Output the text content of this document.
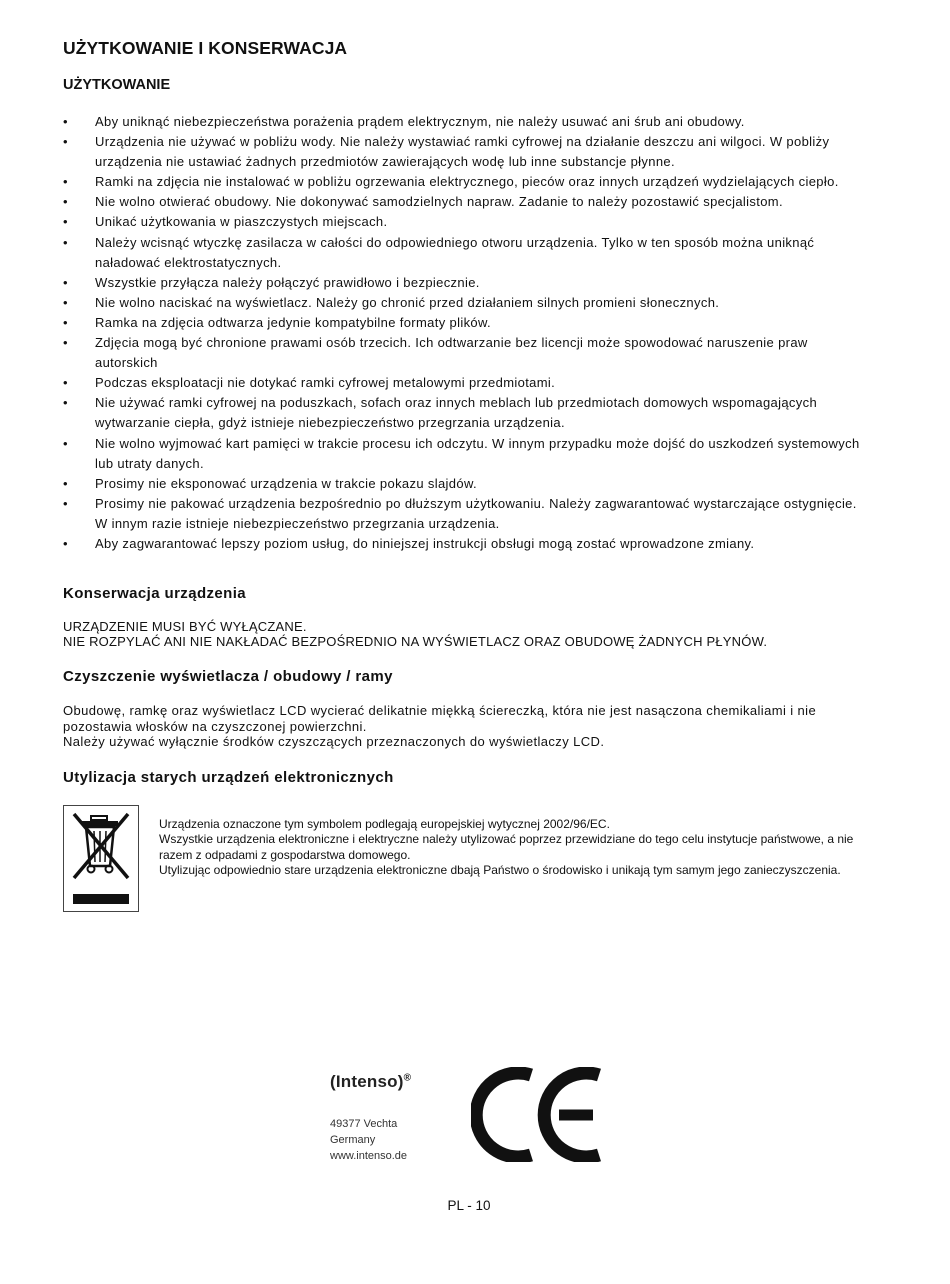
UŻYTKOWANIE I KONSERWACJA
UŻYTKOWANIE
• Aby uniknąć niebezpieczeństwa porażenia prądem elektrycznym, nie należy usuwać ani śrub ani obudowy.
• Urządzenia nie używać w pobliżu wody. Nie należy wystawiać ramki cyfrowej na działanie deszczu ani wilgoci. W pobliży urządzenia nie ustawiać żadnych przedmiotów zawierających wodę lub inne substancje płynne.
• Ramki na zdjęcia nie instalować w pobliżu ogrzewania elektrycznego, pieców oraz innych urządzeń wydzielających ciepło.
• Nie wolno otwierać obudowy. Nie dokonywać samodzielnych napraw. Zadanie to należy pozostawić specjalistom.
• Unikać użytkowania w piaszczystych miejscach.
• Należy wcisnąć wtyczkę zasilacza w całości do odpowiedniego otworu urządzenia. Tylko w ten sposób można uniknąć naładować elektrostatycznych.
• Wszystkie przyłącza należy połączyć prawidłowo i bezpiecznie.
• Nie wolno naciskać na wyświetlacz. Należy go chronić przed działaniem silnych promieni słonecznych.
• Ramka na zdjęcia odtwarza jedynie kompatybilne formaty plików.
• Zdjęcia mogą być chronione prawami osób trzecich. Ich odtwarzanie bez licencji może spowodować naruszenie praw autorskich
• Podczas eksploatacji nie dotykać ramki cyfrowej metalowymi przedmiotami.
• Nie używać ramki cyfrowej na poduszkach, sofach oraz innych meblach lub przedmiotach domowych wspomagających wytwarzanie ciepła, gdyż istnieje niebezpieczeństwo przegrzania urządzenia.
• Nie wolno wyjmować kart pamięci w trakcie procesu ich odczytu. W innym przypadku może dojść do uszkodzeń systemowych lub utraty danych.
• Prosimy nie eksponować urządzenia w trakcie pokazu slajdów.
• Prosimy nie pakować urządzenia bezpośrednio po dłuższym użytkowaniu. Należy zagwarantować wystarczające ostygnięcie. W innym razie istnieje niebezpieczeństwo przegrzania urządzenia.
• Aby zagwarantować lepszy poziom usług, do niniejszej instrukcji obsługi mogą zostać wprowadzone zmiany.
Konserwacja urządzenia
URZĄDZENIE MUSI BYĆ WYŁĄCZANE.
NIE ROZPYLAĆ ANI NIE NAKŁADAĆ BEZPOŚREDNIO NA WYŚWIETLACZ ORAZ OBUDOWĘ ŻADNYCH PŁYNÓW.
Czyszczenie wyświetlacza / obudowy / ramy
Obudowę, ramkę oraz wyświetlacz LCD wycierać delikatnie miękką ściereczką, która nie jest nasączona chemikaliami i nie pozostawia włosków na czyszczonej powierzchni.
Należy używać wyłącznie środków czyszczących przeznaczonych do wyświetlaczy LCD.
Utylizacja starych urządzeń elektronicznych

Urządzenia oznaczone tym symbolem podlegają europejskiej wytycznej 2002/96/EC.

Wszystkie urządzenia elektroniczne i elektryczne należy utylizować poprzez przewidziane do tego celu instytucje państwowe, a nie razem z odpadami z gospodarstwa domowego.

Utylizując odpowiednio stare urządzenia elektroniczne dbają Państwo o środowisko i unikają tym samym jego zanieczyszczenia.

(Intenso)®
49377 Vechta
Germany
www.intenso.de
PL - 10
